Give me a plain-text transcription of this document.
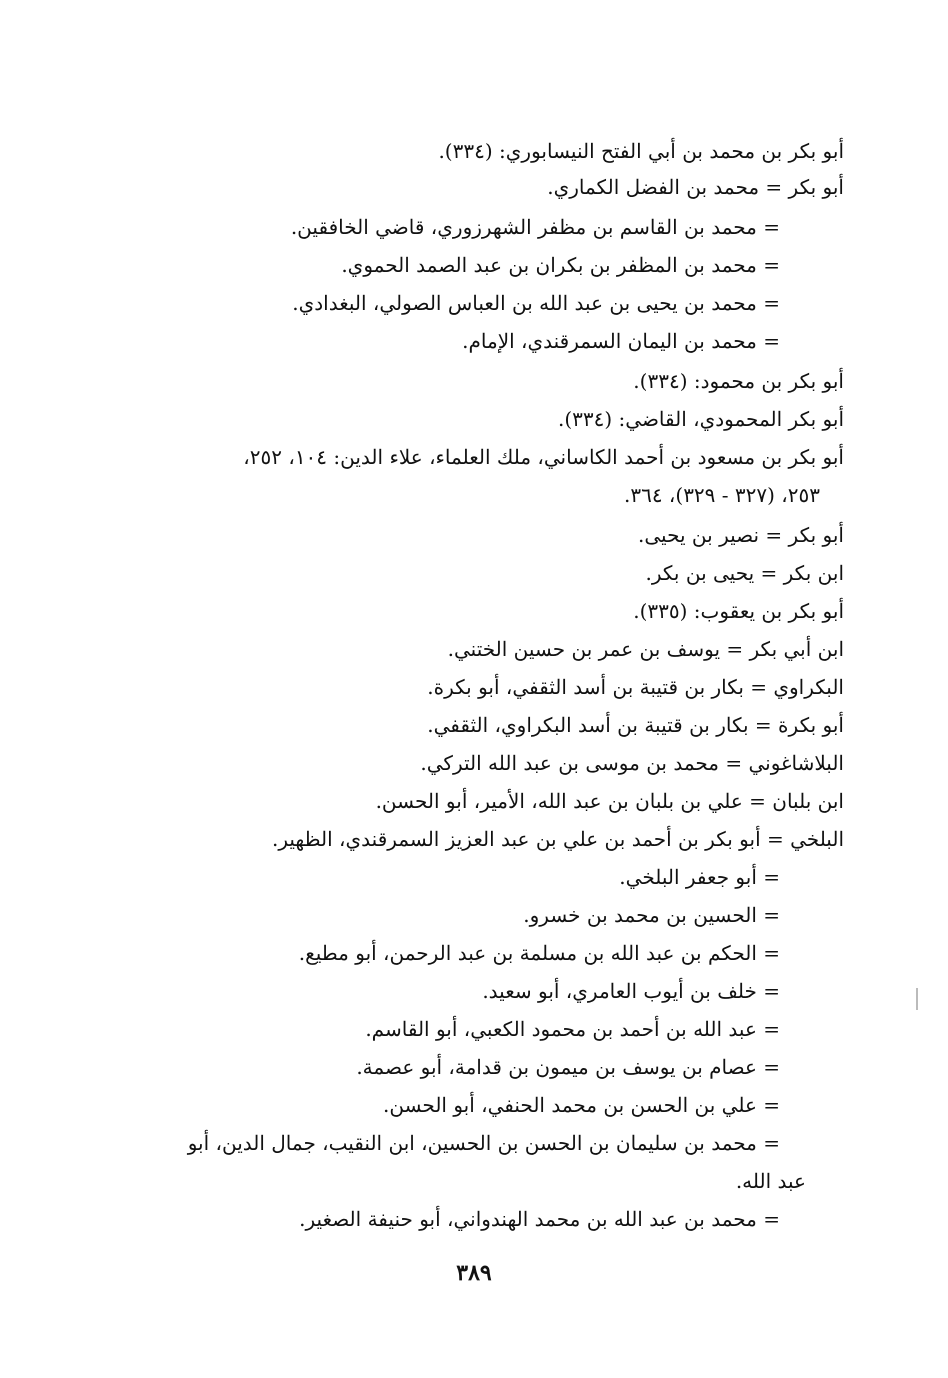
أبو بكر بن محمد بن أبي الفتح النيسابوري: (٣٣٤).
أبو بكر = محمد بن الفضل الكماري.
= محمد بن القاسم بن مظفر الشهرزوري، قاضي الخافقين.
= محمد بن المظفر بن بكران بن عبد الصمد الحموي.
= محمد بن يحيى بن عبد الله بن العباس الصولي، البغدادي.
= محمد بن اليمان السمرقندي، الإمام.
أبو بكر بن محمود: (٣٣٤).
أبو بكر المحمودي، القاضي: (٣٣٤).
أبو بكر بن مسعود بن أحمد الكاساني، ملك العلماء، علاء الدين: ١٠٤، ٢٥٢،
٢٥٣، (٣٢٧ - ٣٢٩)، ٣٦٤.
أبو بكر = نصير بن يحيى.
ابن بكر = يحيى بن بكر.
أبو بكر بن يعقوب: (٣٣٥).
ابن أبي بكر = يوسف بن عمر بن حسين الختني.
البكراوي = بكار بن قتيبة بن أسد الثقفي، أبو بكرة.
أبو بكرة = بكار بن قتيبة بن أسد البكراوي، الثقفي.
البلاشاغوني = محمد بن موسى بن عبد الله التركي.
ابن بلبان = علي بن بلبان بن عبد الله، الأمير، أبو الحسن.
البلخي = أبو بكر بن أحمد بن علي بن عبد العزيز السمرقندي، الظهير.
= أبو جعفر البلخي.
= الحسين بن محمد بن خسرو.
= الحكم بن عبد الله بن مسلمة بن عبد الرحمن، أبو مطيع.
= خلف بن أيوب العامري، أبو سعيد.
= عبد الله بن أحمد بن محمود الكعبي، أبو القاسم.
= عصام بن يوسف بن ميمون بن قدامة، أبو عصمة.
= علي بن الحسن بن محمد الحنفي، أبو الحسن.
= محمد بن سليمان بن الحسن بن الحسين، ابن النقيب، جمال الدين، أبو
عبد الله.
= محمد بن عبد الله بن محمد الهندواني، أبو حنيفة الصغير.
٣٨٩
